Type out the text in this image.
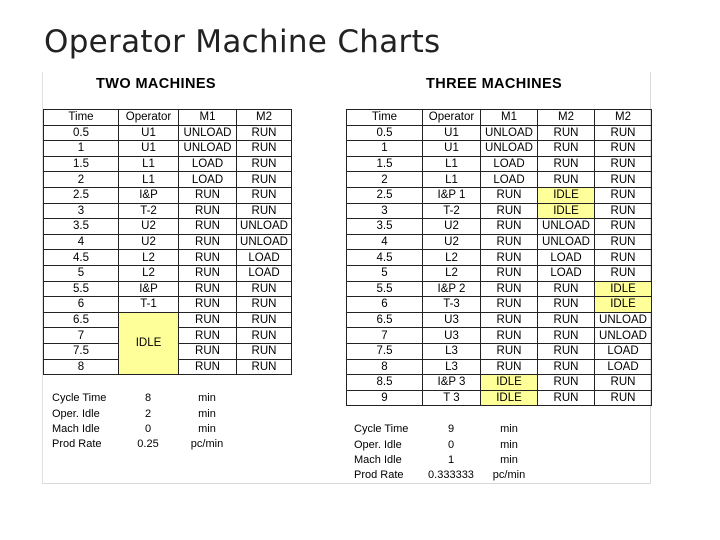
Operator Machine Charts
TWO MACHINES	THREE MACHINES
Time	Operator	M1	M2
0.5	U1	UNLOAD	RUN
1	U1	UNLOAD	RUN
1.5	L1	LOAD	RUN
2	L1	LOAD	RUN
2.5	I&P	RUN	RUN
3	T-2	RUN	RUN
3.5	U2	RUN	UNLOAD
4	U2	RUN	UNLOAD
4.5	L2	RUN	LOAD
5	L2	RUN	LOAD
5.5	I&P	RUN	RUN
6	T-1	RUN	RUN
6.5	IDLE	RUN	RUN
7		RUN	RUN
7.5		RUN	RUN
8		RUN	RUN
Time	Operator	M1	M2	M2
0.5	U1	UNLOAD	RUN	RUN
1	U1	UNLOAD	RUN	RUN
1.5	L1	LOAD	RUN	RUN
2	L1	LOAD	RUN	RUN
2.5	I&P 1	RUN	IDLE	RUN
3	T-2	RUN	IDLE	RUN
3.5	U2	RUN	UNLOAD	RUN
4	U2	RUN	UNLOAD	RUN
4.5	L2	RUN	LOAD	RUN
5	L2	RUN	LOAD	RUN
5.5	I&P 2	RUN	RUN	IDLE
6	T-3	RUN	RUN	IDLE
6.5	U3	RUN	RUN	UNLOAD
7	U3	RUN	RUN	UNLOAD
7.5	L3	RUN	RUN	LOAD
8	L3	RUN	RUN	LOAD
8.5	I&P 3	IDLE	RUN	RUN
9	T 3	IDLE	RUN	RUN
Cycle Time	8	min
Oper. Idle	2	min
Mach Idle	0	min
Prod Rate	0.25	pc/min
Cycle Time	9	min
Oper. Idle	0	min
Mach Idle	1	min
Prod Rate	0.333333	pc/min
